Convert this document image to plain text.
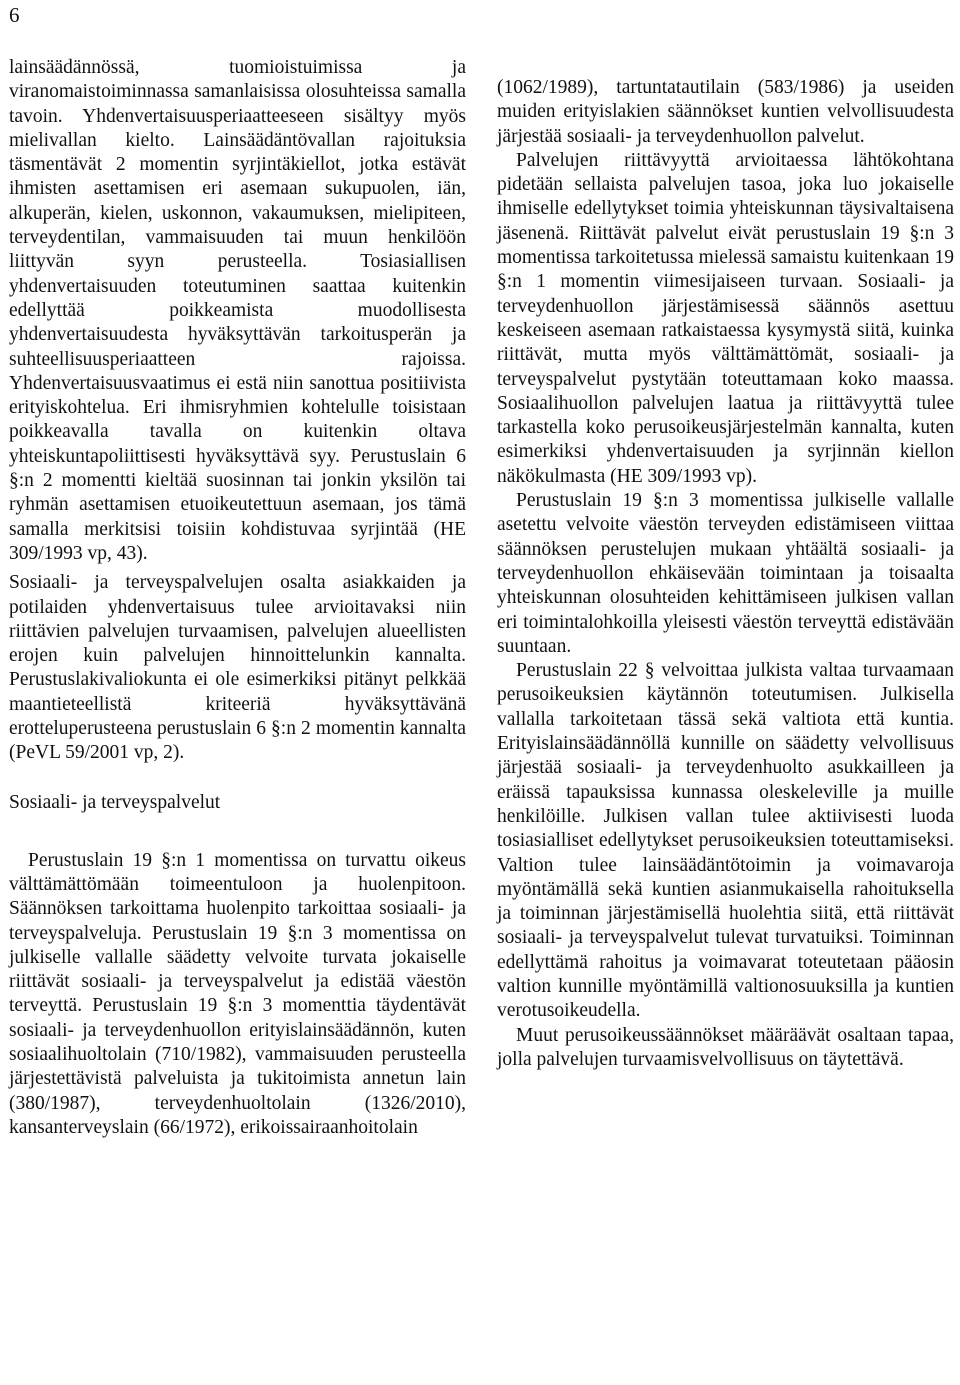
6

lainsäädännössä, tuomioistuimissa ja viranomaistoiminnassa samanlaisissa olosuhteissa samalla tavoin. Yhdenvertaisuusperiaatteeseen sisältyy myös mielivallan kielto. Lainsäädäntövallan rajoituksia täsmentävät 2 momentin syrjintäkiellot, jotka estävät ihmisten asettamisen eri asemaan sukupuolen, iän, alkuperän, kielen, uskonnon, vakaumuksen, mielipiteen, terveydentilan, vammaisuuden tai muun henkilöön liittyvän syyn perusteella. Tosiasiallisen yhdenvertaisuuden toteutuminen saattaa kuitenkin edellyttää poikkeamista muodollisesta yhdenvertaisuudesta hyväksyttävän tarkoitusperän ja suhteellisuusperiaatteen rajoissa. Yhdenvertaisuusvaatimus ei estä niin sanottua positiivista erityiskohtelua. Eri ihmisryhmien kohtelulle toisistaan poikkeavalla tavalla on kuitenkin oltava yhteiskuntapoliittisesti hyväksyttävä syy. Perustuslain 6 §:n 2 momentti kieltää suosinnan tai jonkin yksilön tai ryhmän asettamisen etuoikeutettuun asemaan, jos tämä samalla merkitsisi toisiin kohdistuvaa syrjintää (HE 309/1993 vp, 43).

Sosiaali- ja terveyspalvelujen osalta asiakkaiden ja potilaiden yhdenvertaisuus tulee arvioitavaksi niin riittävien palvelujen turvaamisen, palvelujen alueellisten erojen kuin palvelujen hinnoittelunkin kannalta. Perustuslakivaliokunta ei ole esimerkiksi pitänyt pelkkää maantieteellistä kriteeriä hyväksyttävänä erotteluperusteena perustuslain 6 §:n 2 momentin kannalta (PeVL 59/2001 vp, 2).

Sosiaali- ja terveyspalvelut

Perustuslain 19 §:n 1 momentissa on turvattu oikeus välttämättömään toimeentuloon ja huolenpitoon. Säännöksen tarkoittama huolenpito tarkoittaa sosiaali- ja terveyspalveluja. Perustuslain 19 §:n 3 momentissa on julkiselle vallalle säädetty velvoite turvata jokaiselle riittävät sosiaali- ja terveyspalvelut ja edistää väestön terveyttä. Perustuslain 19 §:n 3 momenttia täydentävät sosiaali- ja terveydenhuollon erityislainsäädännön, kuten sosiaalihuoltolain (710/1982), vammaisuuden perusteella järjestettävistä palveluista ja tukitoimista annetun lain (380/1987), terveydenhuoltolain (1326/2010), kansanterveyslain (66/1972), erikoissairaanhoitolain

(1062/1989), tartuntatautilain (583/1986) ja useiden muiden erityislakien säännökset kuntien velvollisuudesta järjestää sosiaali- ja terveydenhuollon palvelut.

Palvelujen riittävyyttä arvioitaessa lähtökohtana pidetään sellaista palvelujen tasoa, joka luo jokaiselle ihmiselle edellytykset toimia yhteiskunnan täysivaltaisena jäsenenä. Riittävät palvelut eivät perustuslain 19 §:n 3 momentissa tarkoitetussa mielessä samaistu kuitenkaan 19 §:n 1 momentin viimesijaiseen turvaan. Sosiaali- ja terveydenhuollon järjestämisessä säännös asettuu keskeiseen asemaan ratkaistaessa kysymystä siitä, kuinka riittävät, mutta myös välttämättömät, sosiaali- ja terveyspalvelut pystytään toteuttamaan koko maassa. Sosiaalihuollon palvelujen laatua ja riittävyyttä tulee tarkastella koko perusoikeusjärjestelmän kannalta, kuten esimerkiksi yhdenvertaisuuden ja syrjinnän kiellon näkökulmasta (HE 309/1993 vp).

Perustuslain 19 §:n 3 momentissa julkiselle vallalle asetettu velvoite väestön terveyden edistämiseen viittaa säännöksen perustelujen mukaan yhtäältä sosiaali- ja terveydenhuollon ehkäisevään toimintaan ja toisaalta yhteiskunnan olosuhteiden kehittämiseen julkisen vallan eri toimintalohkoilla yleisesti väestön terveyttä edistävään suuntaan.

Perustuslain 22 § velvoittaa julkista valtaa turvaamaan perusoikeuksien käytännön toteutumisen. Julkisella vallalla tarkoitetaan tässä sekä valtiota että kuntia. Erityislainsäädännöllä kunnille on säädetty velvollisuus järjestää sosiaali- ja terveydenhuolto asukkailleen ja eräissä tapauksissa kunnassa oleskeleville ja muille henkilöille. Julkisen vallan tulee aktiivisesti luoda tosiasialliset edellytykset perusoikeuksien toteuttamiseksi. Valtion tulee lainsäädäntötoimin ja voimavaroja myöntämällä sekä kuntien asianmukaisella rahoituksella ja toiminnan järjestämisellä huolehtia siitä, että riittävät sosiaali- ja terveyspalvelut tulevat turvatuiksi. Toiminnan edellyttämä rahoitus ja voimavarat toteutetaan pääosin valtion kunnille myöntämillä valtionosuuksilla ja kuntien verotusoikeudella.

Muut perusoikeussäännökset määräävät osaltaan tapaa, jolla palvelujen turvaamisvelvollisuus on täytettävä.
